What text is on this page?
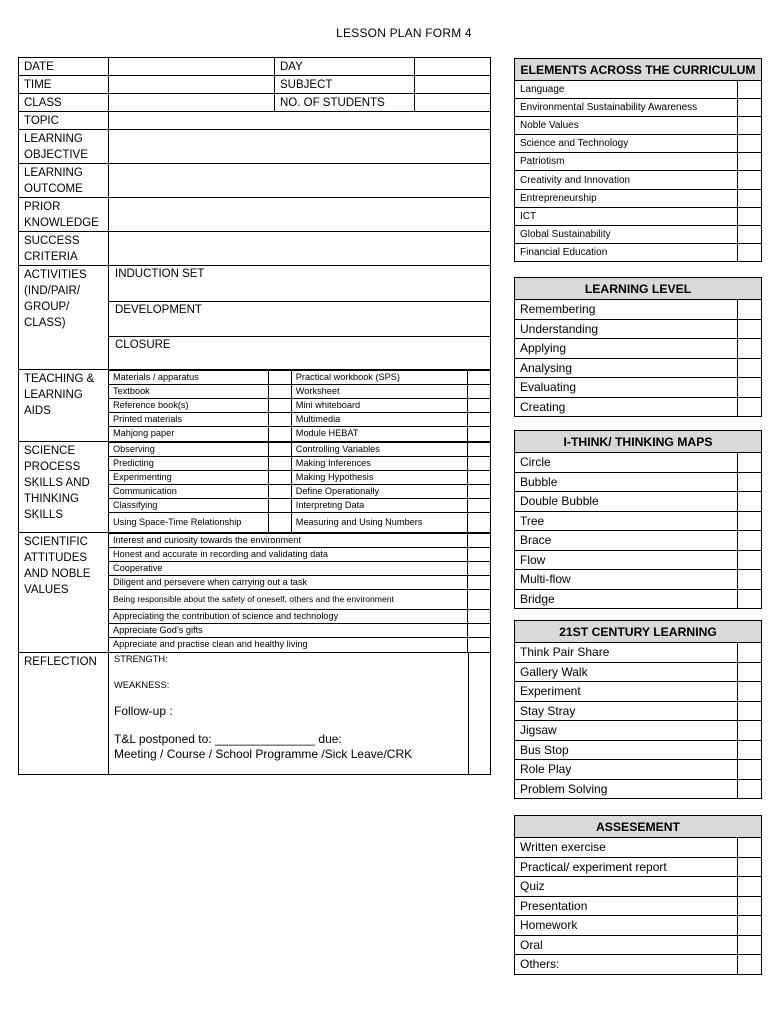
LESSON PLAN FORM 4
DATE		DAY	
TIME		SUBJECT	
CLASS		NO. OF STUDENTS	
TOPIC	
LEARNING OBJECTIVE	
LEARNING OUTCOME	
PRIOR KNOWLEDGE	
SUCCESS CRITERIA	
ACTIVITIES (IND/PAIR/ GROUP/ CLASS)	
INDUCTION SET
DEVELOPMENT
CLOSURE

TEACHING & LEARNING AIDS	
Materials / apparatus		Practical workbook (SPS)	
Textbook		Worksheet	
Reference book(s)		Mini whiteboard	
Printed materials		Multimedia	
Mahjong paper		Module HEBAT	

SCIENCE PROCESS SKILLS AND THINKING SKILLS	
Observing		Controlling Variables	
Predicting		Making Inferences	
Experimenting		Making Hypothesis	
Communication		Define Operationally	
Classifying		Interpreting Data	
Using Space-Time Relationship		Measuring and Using Numbers	

SCIENTIFIC ATTITUDES AND NOBLE VALUES	
Interest and curiosity towards the environment	
Honest and accurate in recording and validating data	
Cooperative	
Diligent and persevere when carrying out a task	
Being responsible about the safety of oneself, others and the environment	
Appreciating the contribution of science and technology	
Appreciate God’s gifts	
Appreciate and practise clean and healthy living	

REFLECTION	STRENGTH:
WEAKNESS:
Follow-up :
T&L postponed to: _______________ due:
Meeting / Course / School Programme /Sick Leave/CRK

ELEMENTS ACROSS THE CURRICULUM	
Language	
Environmental Sustainability Awareness	
Noble Values	
Science and Technology	
Patriotism	
Creativity and Innovation	
Entrepreneurship	
ICT	
Global Sustainability	
Financial Education	
LEARNING LEVEL	
Remembering	
Understanding	
Applying	
Analysing	
Evaluating	
Creating	
I-THINK/ THINKING MAPS	
Circle	
Bubble	
Double Bubble	
Tree	
Brace	
Flow	
Multi-flow	
Bridge	
21ST CENTURY LEARNING	
Think Pair Share	
Gallery Walk	
Experiment	
Stay Stray	
Jigsaw	
Bus Stop	
Role Play	
Problem Solving	
ASSESEMENT	
Written exercise	
Practical/ experiment report	
Quiz	
Presentation	
Homework	
Oral	
Others:	
